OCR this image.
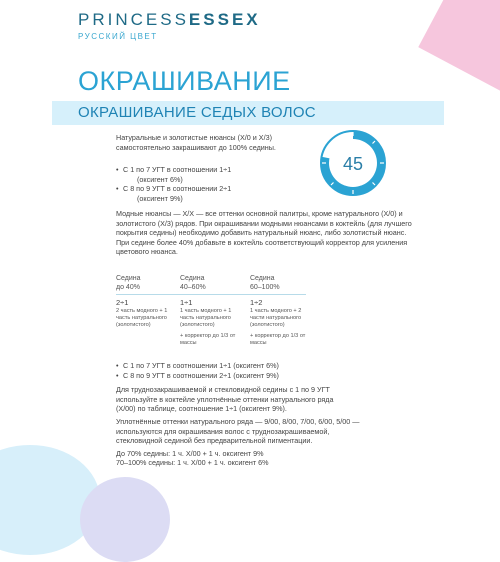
PRINCESSESSEX
РУССКИЙ ЦВЕТ
ОКРАШИВАНИЕ
ОКРАШИВАНИЕ СЕДЫХ ВОЛОС
45
Натуральные и золотистые нюансы (X/0 и X/3) самостоятельно закрашивают до 100% седины.
• С 1 по 7 УГТ в соотношении 1÷1
(оксигент 6%)
• С 8 по 9 УГТ в соотношении 2÷1
(оксигент 9%)
Модные нюансы — X/X — все оттенки основной палитры, кроме натурального (X/0) и золотистого (X/3) рядов. При окрашивании модными нюансами в коктейль (для лучшего покрытия седины) необходимо добавить натуральный нюанс, либо золотистый нюанс. При седине более 40% добавьте в коктейль соответствующий корректор для усиления цветового нюанса.
Седина
до 40%
2÷1
2 часть модного + 1 часть натурального (золотистого)
Седина
40–60%
1÷1
1 часть модного + 1 часть натурального (золотистого)
+ корректор до 1/3 от массы
Седина
60–100%
1÷2
1 часть модного + 2 части натурального (золотистого)
+ корректор до 1/3 от массы
• С 1 по 7 УГТ в соотношении 1÷1 (оксигент 6%)
• С 8 по 9 УГТ в соотношении 2÷1 (оксигент 9%)
Для труднозакрашиваемой и стекловидной седины с 1 по 9 УГТ используйте в коктейле уплотнённые оттенки натурального ряда (X/00) по таблице, соотношение 1÷1 (оксигент 9%).
Уплотнённые оттенки натурального ряда — 9/00, 8/00, 7/00, 6/00, 5/00 — используются для окрашивания волос с труднозакрашиваемой, стекловидной сединой без предварительной пигментации.
До 70% седины: 1 ч. X/00 + 1 ч. оксигент 9%
70–100% седины: 1 ч. X/00 + 1 ч. оксигент 6%
